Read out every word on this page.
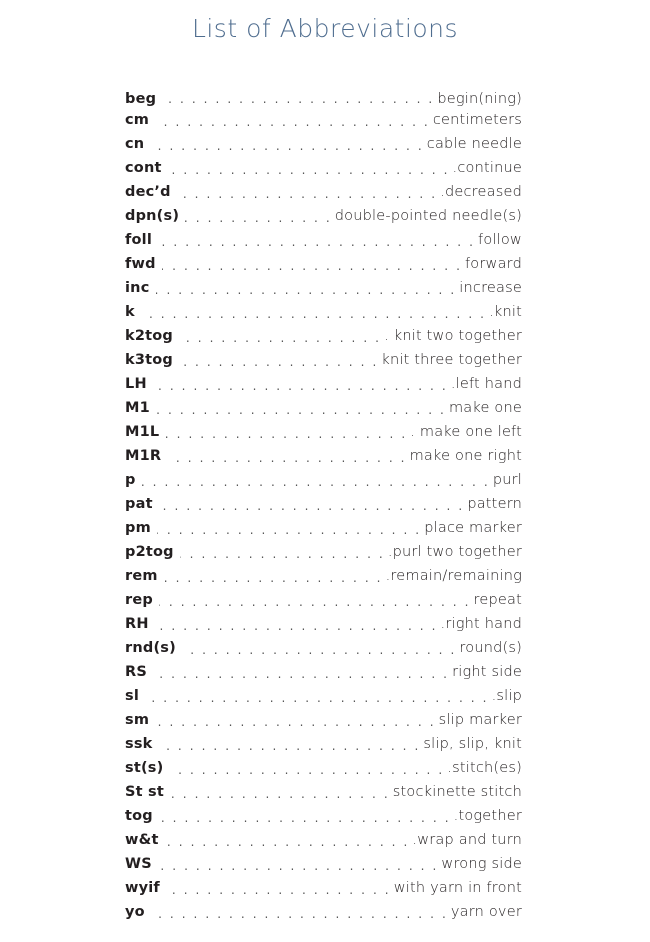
List of Abbreviations
beg . . .	begin(ning)
cm . . .	centimeters
cn . . .	cable needle
cont . . .	.continue
dec’d . . .	.decreased
dpn(s) . . .	double-pointed needle(s)
foll . . .	follow
fwd . . .	forward
inc . . .	increase
k . . .	.knit
k2tog . . .	. knit two together
k3tog . . .	knit three together
LH . . .	.left hand
M1 . . .	make one
M1L . . .	. make one left
M1R . . .	make one right
p . . .	purl
pat . . .	pattern
pm . . .	place marker
p2tog . . .	.purl two together
rem . . .	.remain/remaining
rep . . .	repeat
RH . . .	.right hand
rnd(s) . . .	round(s)
RS . . .	right side
sl . . .	.slip
sm . . .	slip marker
ssk . . .	slip, slip, knit
st(s) . . .	.stitch(es)
St st . . .	stockinette stitch
tog . . .	.together
w&t . . .	.wrap and turn
WS . . .	wrong side
wyif . . .	with yarn in front
yo . . .	yarn over
